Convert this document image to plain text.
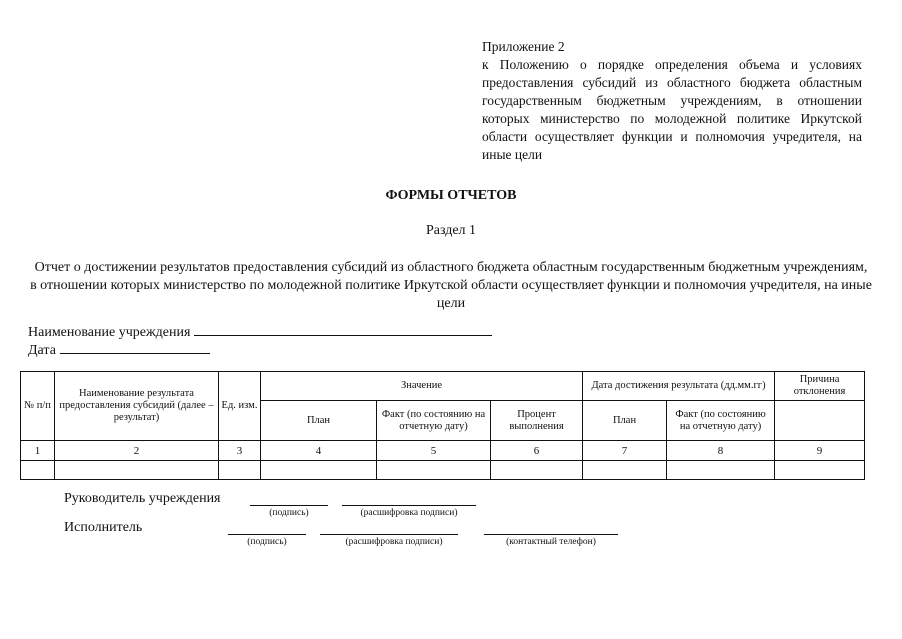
Приложение 2
к Положению о порядке определения объема и условиях предоставления субсидий из областного бюджета областным государственным бюджетным учреждениям, в отношении которых министерство по молодежной политике Иркутской области осуществляет функции и полномочия учредителя, на иные цели
ФОРМЫ ОТЧЕТОВ
Раздел 1
Отчет о достижении результатов предоставления субсидий из областного бюджета областным государственным бюджетным учреждениям, в отношении которых министерство по молодежной политике Иркутской области осуществляет функции и полномочия учредителя, на иные цели
Наименование учреждения
Дата
№ п/п	Наименование результата предоставления субсидий (далее – результат)	Ед. изм.	Значение			Дата достижения результата (дд.мм.гг)		Причина отклонения
			План	Факт (по состоянию на отчетную дату)	Процент выполнения	План	Факт (по состоянию на отчетную дату)	
1	2	3	4	5	6	7	8	9

Руководитель учреждения
(подпись)	(расшифровка подписи)
Исполнитель
(подпись)	(расшифровка подписи)	(контактный телефон)
